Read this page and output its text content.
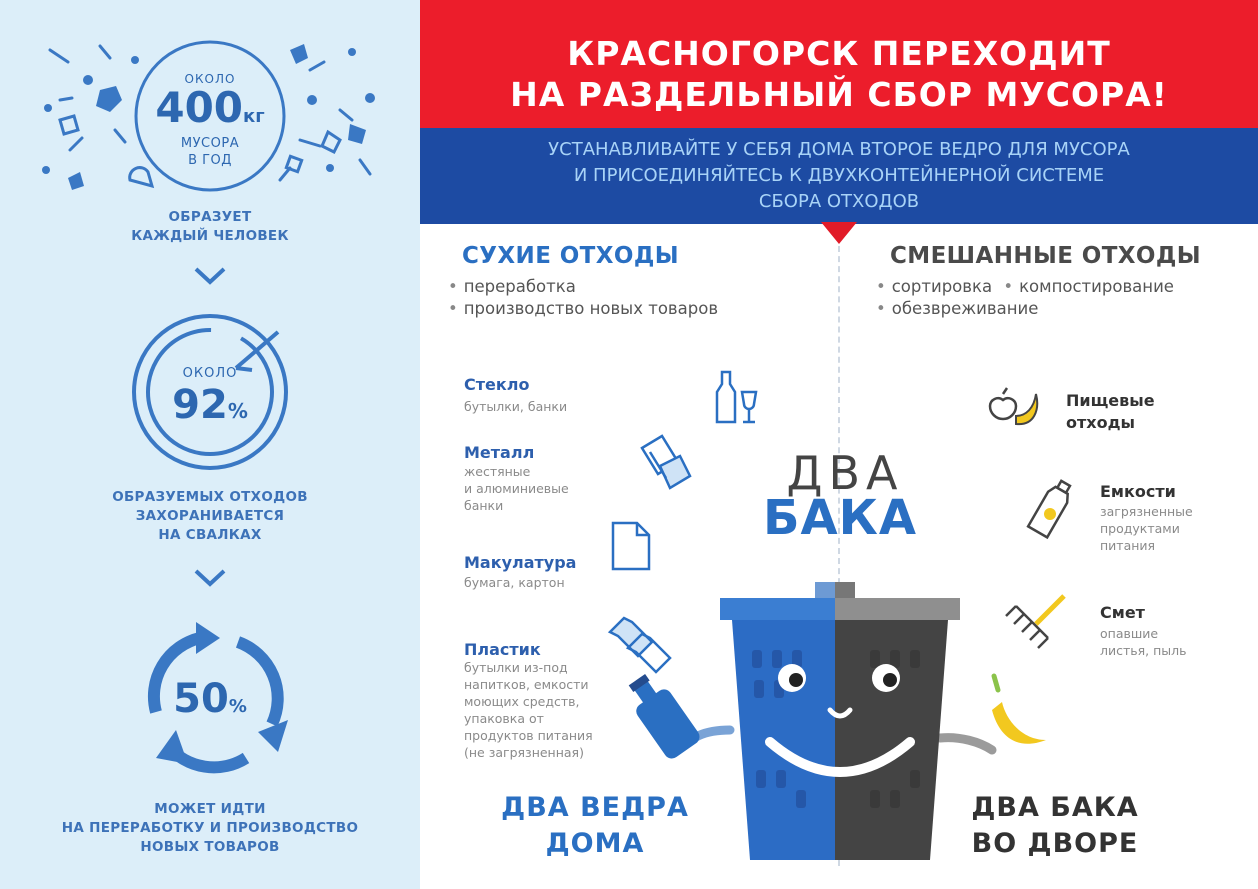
ОКОЛО
400кг
МУСОРА
В ГОД
ОБРАЗУЕТ
КАЖДЫЙ ЧЕЛОВЕК
ОКОЛО
92%
ОБРАЗУЕМЫХ ОТХОДОВ
ЗАХОРАНИВАЕТСЯ
НА СВАЛКАХ
50%
МОЖЕТ ИДТИ
НА ПЕРЕРАБОТКУ И ПРОИЗВОДСТВО
НОВЫХ ТОВАРОВ
КРАСНОГОРСК ПЕРЕХОДИТ
НА РАЗДЕЛЬНЫЙ СБОР МУСОРА!
УСТАНАВЛИВАЙТЕ У СЕБЯ ДОМА ВТОРОЕ ВЕДРО ДЛЯ МУСОРА
И ПРИСОЕДИНЯЙТЕСЬ К ДВУХКОНТЕЙНЕРНОЙ СИСТЕМЕ
СБОРА ОТХОДОВ
СУХИЕ ОТХОДЫ
• переработка
• производство новых товаров
Стекло
бутылки, банки
Металл
жестяные
и алюминиевые
банки
Макулатура
бумага, картон
Пластик
бутылки из-под
напитков, емкости
моющих средств,
упаковка от
продуктов питания
(не загрязненная)
СМЕШАННЫЕ ОТХОДЫ
• сортировка • компостирование
• обезвреживание
Пищевые
отходы
Емкости
загрязненные
продуктами
питания
Смет
опавшие
листья, пыль
ДВА
БАКА
ДВА ВЕДРА
ДОМА
ДВА БАКА
ВО ДВОРЕ
